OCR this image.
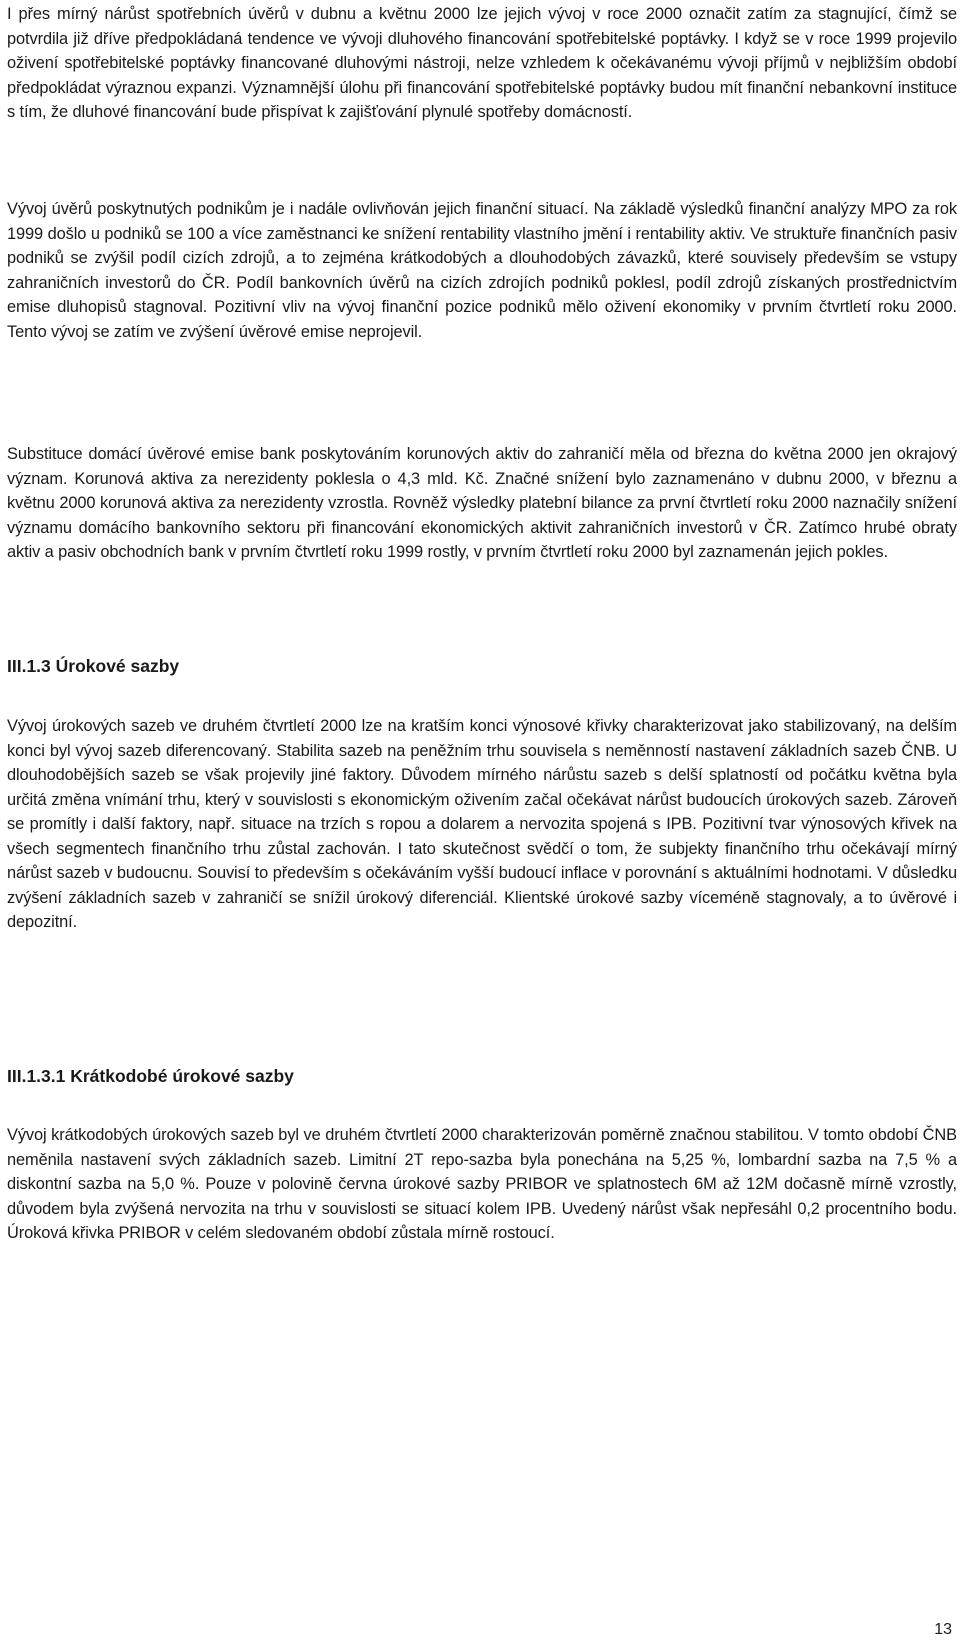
I přes mírný nárůst spotřebních úvěrů v dubnu a květnu 2000 lze jejich vývoj v roce 2000 označit zatím za stagnující, čímž se potvrdila již dříve předpokládaná tendence ve vývoji dluhového financování spotřebitelské poptávky. I když se v roce 1999 projevilo oživení spotřebitelské poptávky financované dluhovými nástroji, nelze vzhledem k očekávanému vývoji příjmů v nejbližším období předpokládat výraznou expanzi. Významnější úlohu při financování spotřebitelské poptávky budou mít finanční nebankovní instituce s tím, že dluhové financování bude přispívat k zajišťování plynulé spotřeby domácností.

Vývoj úvěrů poskytnutých podnikům je i nadále ovlivňován jejich finanční situací. Na základě výsledků finanční analýzy MPO za rok 1999 došlo u podniků se 100 a více zaměstnanci ke snížení rentability vlastního jmění i rentability aktiv. Ve struktuře finančních pasiv podniků se zvýšil podíl cizích zdrojů, a to zejména krátkodobých a dlouhodobých závazků, které souvisely především se vstupy zahraničních investorů do ČR. Podíl bankovních úvěrů na cizích zdrojích podniků poklesl, podíl zdrojů získaných prostřednictvím emise dluhopisů stagnoval. Pozitivní vliv na vývoj finanční pozice podniků mělo oživení ekonomiky v prvním čtvrtletí roku 2000. Tento vývoj se zatím ve zvýšení úvěrové emise neprojevil.

Substituce domácí úvěrové emise bank poskytováním korunových aktiv do zahraničí měla od března do května 2000 jen okrajový význam. Korunová aktiva za nerezidenty poklesla o 4,3 mld. Kč. Značné snížení bylo zaznamenáno v dubnu 2000, v březnu a květnu 2000 korunová aktiva za nerezidenty vzrostla. Rovněž výsledky platební bilance za první čtvrtletí roku 2000 naznačily snížení významu domácího bankovního sektoru při financování ekonomických aktivit zahraničních investorů v ČR. Zatímco hrubé obraty aktiv a pasiv obchodních bank v prvním čtvrtletí roku 1999 rostly, v prvním čtvrtletí roku 2000 byl zaznamenán jejich pokles.

III.1.3 Úrokové sazby

Vývoj úrokových sazeb ve druhém čtvrtletí 2000 lze na kratším konci výnosové křivky charakterizovat jako stabilizovaný, na delším konci byl vývoj sazeb diferencovaný. Stabilita sazeb na peněžním trhu souvisela s neměnností nastavení základních sazeb ČNB. U dlouhodobějších sazeb se však projevily jiné faktory. Důvodem mírného nárůstu sazeb s delší splatností od počátku května byla určitá změna vnímání trhu, který v souvislosti s ekonomickým oživením začal očekávat nárůst budoucích úrokových sazeb. Zároveň se promítly i další faktory, např. situace na trzích s ropou a dolarem a nervozita spojená s IPB. Pozitivní tvar výnosových křivek na všech segmentech finančního trhu zůstal zachován. I tato skutečnost svědčí o tom, že subjekty finančního trhu očekávají mírný nárůst sazeb v budoucnu. Souvisí to především s očekáváním vyšší budoucí inflace v porovnání s aktuálními hodnotami. V důsledku zvýšení základních sazeb v zahraničí se snížil úrokový diferenciál. Klientské úrokové sazby víceméně stagnovaly, a to úvěrové i depozitní.

III.1.3.1 Krátkodobé úrokové sazby

Vývoj krátkodobých úrokových sazeb byl ve druhém čtvrtletí 2000 charakterizován poměrně značnou stabilitou. V tomto období ČNB neměnila nastavení svých základních sazeb. Limitní 2T repo-sazba byla ponechána na 5,25 %, lombardní sazba na 7,5 % a diskontní sazba na 5,0 %. Pouze v polovině června úrokové sazby PRIBOR ve splatnostech 6M až 12M dočasně mírně vzrostly, důvodem byla zvýšená nervozita na trhu v souvislosti se situací kolem IPB. Uvedený nárůst však nepřesáhl 0,2 procentního bodu. Úroková křivka PRIBOR v celém sledovaném období zůstala mírně rostoucí.

13
